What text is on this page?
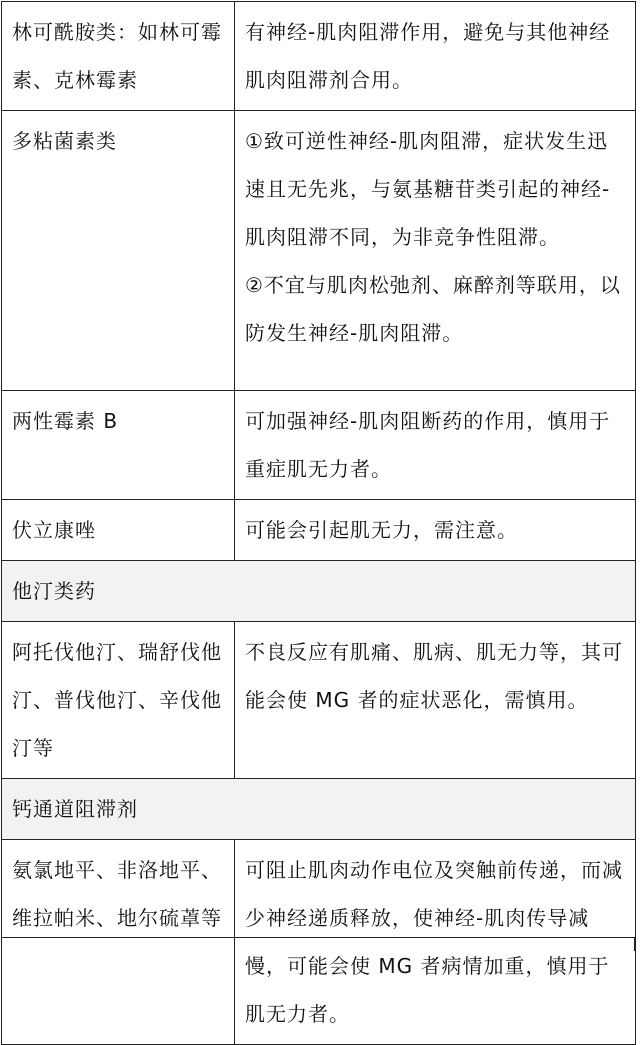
林可酰胺类：如林可霉素、克林霉素	有神经-肌肉阻滞作用，避免与其他神经肌肉阻滞剂合用。

多粘菌素类	①致可逆性神经-肌肉阻滞，症状发生迅速且无先兆，与氨基糖苷类引起的神经-肌肉阻滞不同，为非竞争性阻滞。
②不宜与肌肉松弛剂、麻醉剂等联用，以防发生神经-肌肉阻滞。

两性霉素 B	可加强神经-肌肉阻断药的作用，慎用于重症肌无力者。

伏立康唑	可能会引起肌无力，需注意。

他汀类药	
阿托伐他汀、瑞舒伐他汀、普伐他汀、辛伐他汀等	不良反应有肌痛、肌病、肌无力等，其可能会使 MG 者的症状恶化，需慎用。

钙通道阻滞剂	
氨氯地平、非洛地平、维拉帕米、地尔硫䓬等	可阻止肌肉动作电位及突触前传递，而减少神经递质释放，使神经-肌肉传导减慢，可能会使 MG 者病情加重，慎用于肌无力者。
